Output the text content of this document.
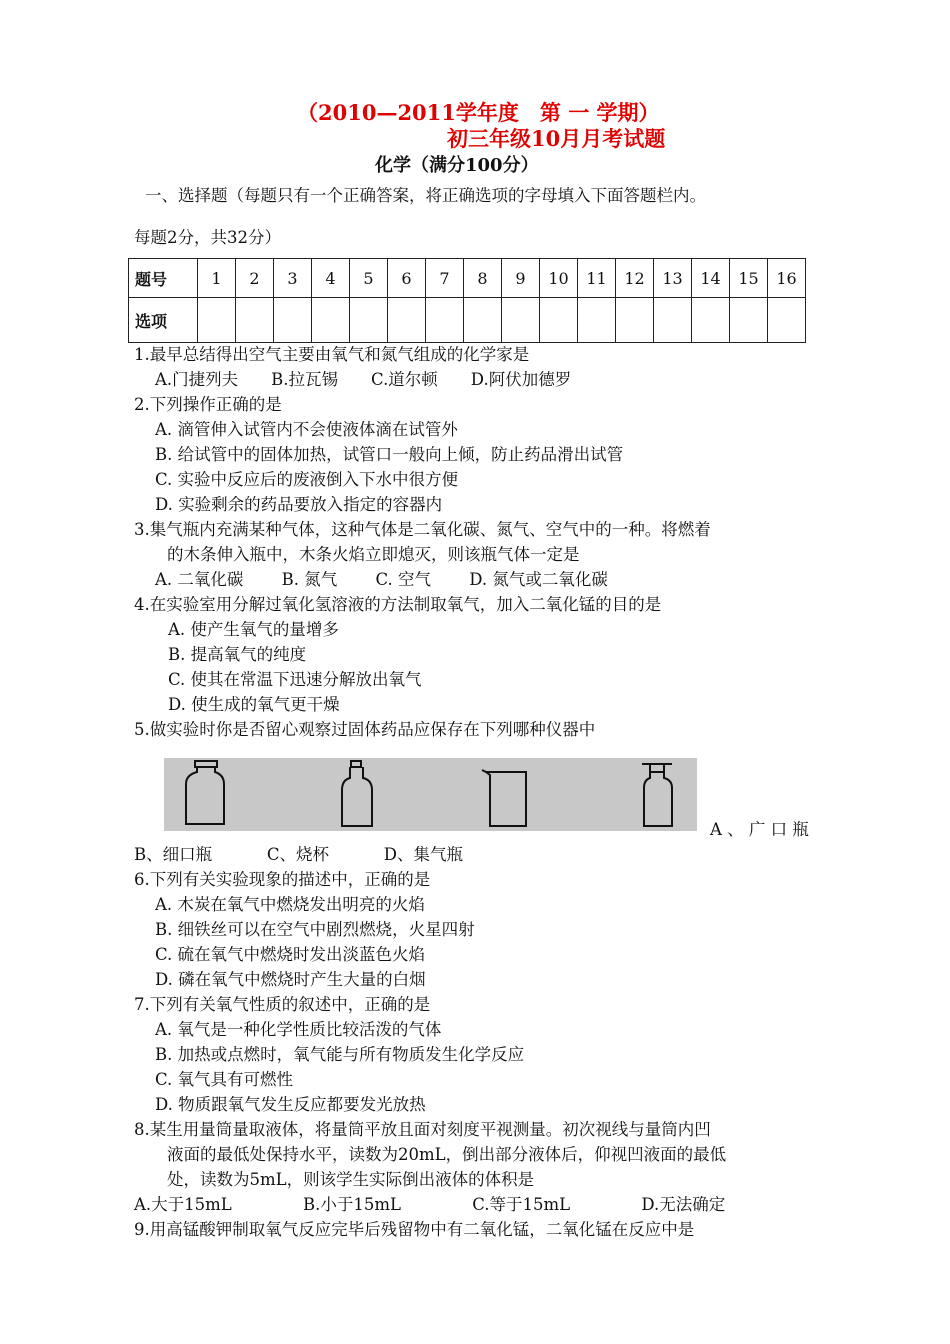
（2010—2011学年度　第 一 学期）
初三年级10月月考试题
化学（满分100分）
一、选择题（每题只有一个正确答案，将正确选项的字母填入下面答题栏内。
每题2分，共32分）
题号	1	2	3	4	5	6	7	8	9	10	11	12	13	14	15	16
选项																
1.最早总结得出空气主要由氧气和氮气组成的化学家是
A.门捷列夫　　B.拉瓦锡　　C.道尔顿　　D.阿伏加德罗
2.下列操作正确的是
A. 滴管伸入试管内不会使液体滴在试管外
B. 给试管中的固体加热，试管口一般向上倾，防止药品滑出试管
C. 实验中反应后的废液倒入下水中很方便
D. 实验剩余的药品要放入指定的容器内
3.集气瓶内充满某种气体，这种气体是二氧化碳、氮气、空气中的一种。将燃着
的木条伸入瓶中，木条火焰立即熄灭，则该瓶气体一定是
A. 二氧化碳　　 B. 氮气　　 C. 空气　　 D. 氮气或二氧化碳
4.在实验室用分解过氧化氢溶液的方法制取氧气，加入二氧化锰的目的是
A. 使产生氧气的量增多
B. 提高氧气的纯度
C. 使其在常温下迅速分解放出氧气
D. 使生成的氧气更干燥
5.做实验时你是否留心观察过固体药品应保存在下列哪种仪器中
A 、 广 口 瓶
B、细口瓶　　　 C、烧杯　　　 D、集气瓶
6.下列有关实验现象的描述中，正确的是
A. 木炭在氧气中燃烧发出明亮的火焰
B. 细铁丝可以在空气中剧烈燃烧，火星四射
C. 硫在氧气中燃烧时发出淡蓝色火焰
D. 磷在氧气中燃烧时产生大量的白烟
7.下列有关氧气性质的叙述中，正确的是
A. 氧气是一种化学性质比较活泼的气体
B. 加热或点燃时，氧气能与所有物质发生化学反应
C. 氧气具有可燃性
D. 物质跟氧气发生反应都要发光放热
8.某生用量筒量取液体，将量筒平放且面对刻度平视测量。初次视线与量筒内凹
液面的最低处保持水平，读数为20mL，倒出部分液体后，仰视凹液面的最低
处，读数为5mL，则该学生实际倒出液体的体积是
A.大于15mL　　　　 B.小于15mL　　　　 C.等于15mL　　　　 D.无法确定
9.用高锰酸钾制取氧气反应完毕后残留物中有二氧化锰，二氧化锰在反应中是
